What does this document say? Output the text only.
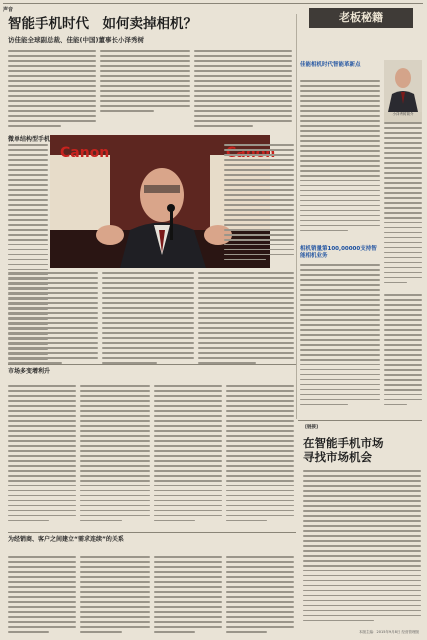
声音
老板秘籍
智能手机时代　如何卖掉相机？
访佳能全球副总裁、佳能(中国)董事长小泽秀树
微单结构型手机
Canon
市场多变增利升
为经销商、客户之间建立“需求连续”的关系
佳能相机时代智能革新点
小泽秀树简介
相机销量第100,00000支持智能相机业务
[链接]
在智能手机市场
寻找市场机会
本版主编：2015年9月8日 经营管理版
